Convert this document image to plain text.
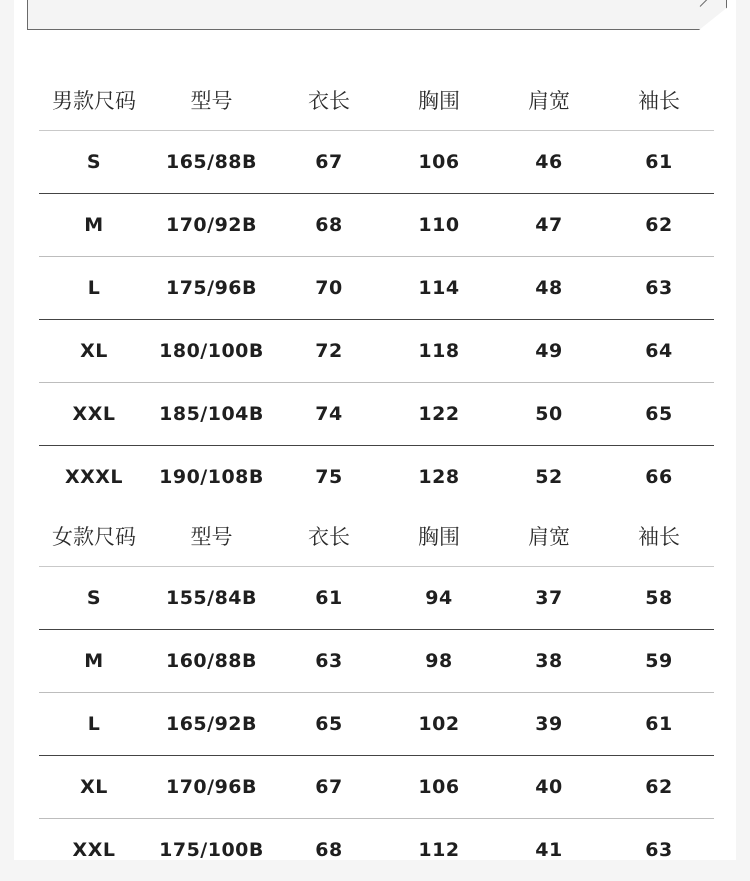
男款尺码	型号	衣长	胸围	肩宽	袖长
S	165/88B	67	106	46	61
M	170/92B	68	110	47	62
L	175/96B	70	114	48	63
XL	180/100B	72	118	49	64
XXL	185/104B	74	122	50	65
XXXL	190/108B	75	128	52	66
女款尺码	型号	衣长	胸围	肩宽	袖长
S	155/84B	61	94	37	58
M	160/88B	63	98	38	59
L	165/92B	65	102	39	61
XL	170/96B	67	106	40	62
XXL	175/100B	68	112	41	63
